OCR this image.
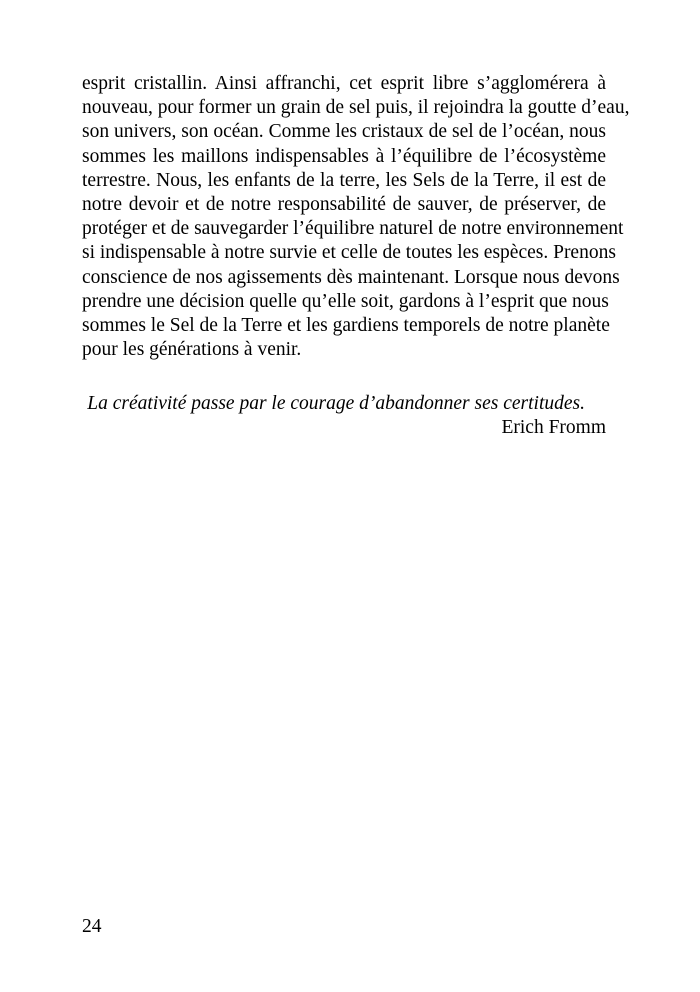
esprit cristallin. Ainsi affranchi, cet esprit libre s’agglomérera à
nouveau, pour former un grain de sel puis, il rejoindra la goutte d’eau,
son univers, son océan. Comme les cristaux de sel de l’océan, nous
sommes les maillons indispensables à l’équilibre de l’écosystème
terrestre. Nous, les enfants de la terre, les Sels de la Terre, il est de
notre devoir et de notre responsabilité de sauver, de préserver, de
protéger et de sauvegarder l’équilibre naturel de notre environnement
si indispensable à notre survie et celle de toutes les espèces. Prenons
conscience de nos agissements dès maintenant. Lorsque nous devons
prendre une décision quelle qu’elle soit, gardons à l’esprit que nous
sommes le Sel de la Terre et les gardiens temporels de notre planète
pour les générations à venir.
La créativité passe par le courage d’abandonner ses certitudes.
Erich Fromm
24
